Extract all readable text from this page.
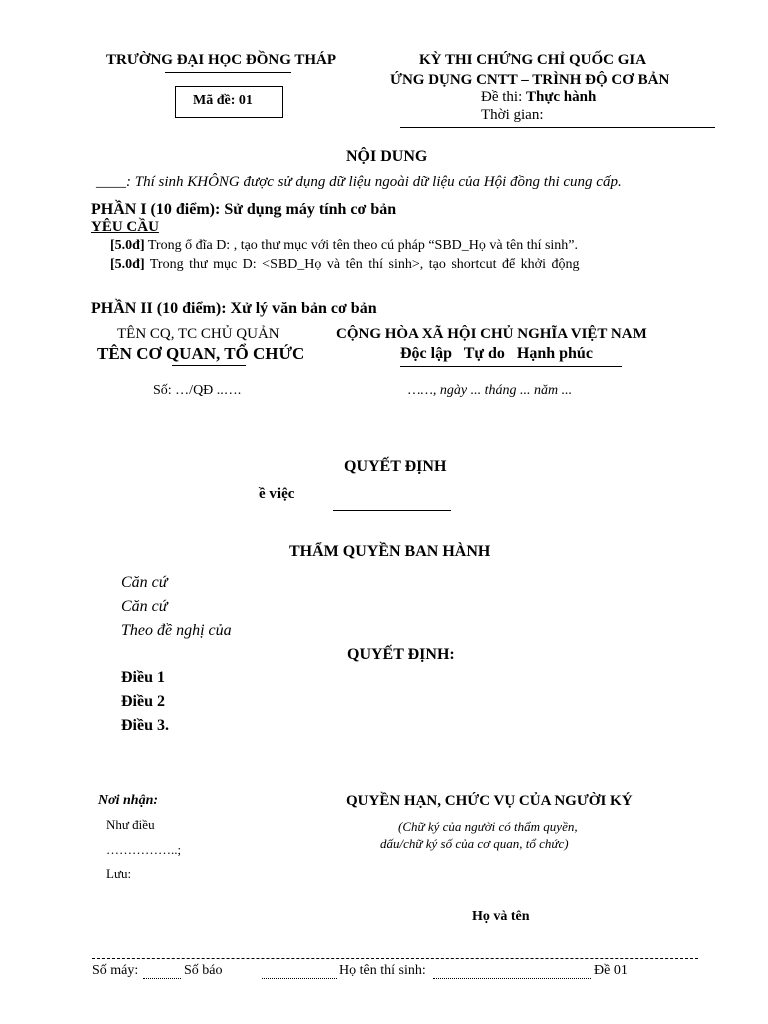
TRƯỜNG ĐẠI HỌC ĐỒNG THÁP
Mã đề: 01
KỲ THI CHỨNG CHỈ QUỐC GIA
ỨNG DỤNG CNTT – TRÌNH ĐỘ CƠ BẢN
Đề thi: Thực hành
Thời gian:
NỘI DUNG
____: Thí sinh KHÔNG được sử dụng dữ liệu ngoài dữ liệu của Hội đồng thi cung cấp.
PHẦN I (10 điểm): Sử dụng máy tính cơ bản
YÊU CẦU
[5.0đ] Trong ổ đĩa D: , tạo thư mục với tên theo cú pháp “SBD_Họ và tên thí sinh”.
[5.0đ] Trong thư mục D: <SBD_Họ và tên thí sinh>, tạo shortcut để khởi động
PHẦN II (10 điểm): Xử lý văn bản cơ bản
TÊN CQ, TC CHỦ QUẢN
TÊN CƠ QUAN, TỔ CHỨC
CỘNG HÒA XÃ HỘI CHỦ NGHĨA VIỆT NAM
Độc lập   Tự do   Hạnh phúc
Số: …/QĐ ..….	……, ngày ... tháng ... năm ...
QUYẾT ĐỊNH
ề việc
THẨM QUYỀN BAN HÀNH
Căn cứ
Căn cứ
Theo đề nghị của
QUYẾT ĐỊNH:
Điều 1
Điều 2
Điều 3.
Nơi nhận:
Như điều
……………..;
Lưu:
QUYỀN HẠN, CHỨC VỤ CỦA NGƯỜI KÝ
(Chữ ký của người có thẩm quyền,
dấu/chữ ký số của cơ quan, tổ chức)
Họ và tên
Số máy:	Số báo	Họ tên thí sinh:	Đề 01
